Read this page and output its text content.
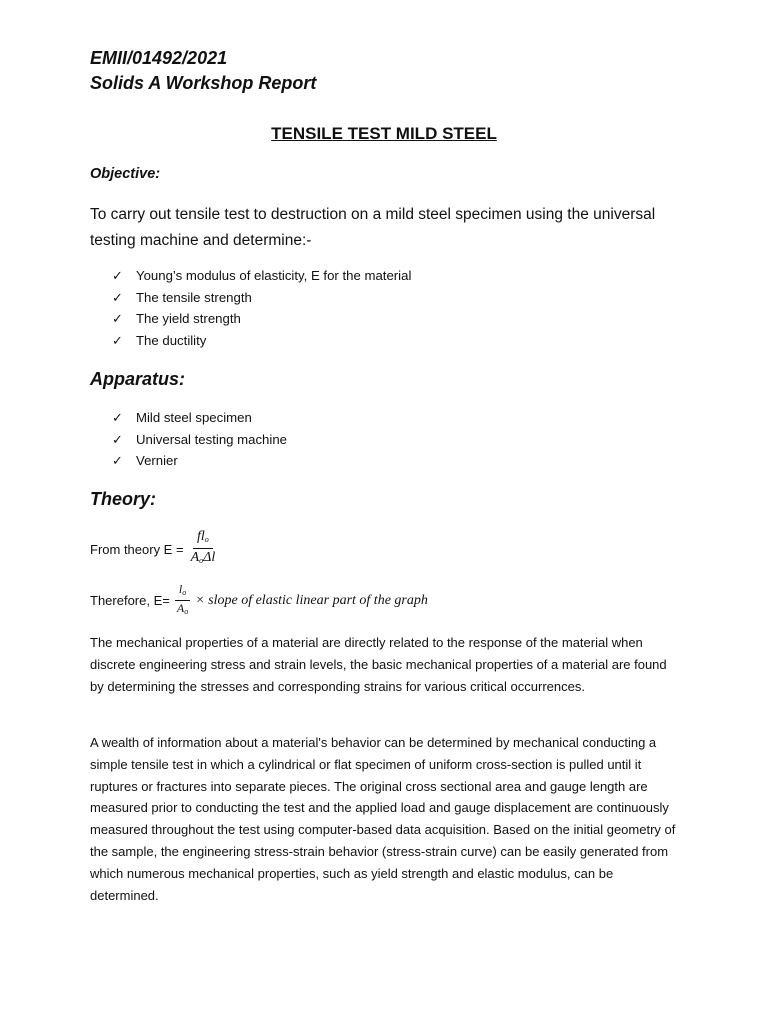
EMII/01492/2021
Solids A Workshop Report
TENSILE TEST MILD STEEL
Objective:

To carry out tensile test to destruction on a mild steel specimen using the universal testing machine and determine:-

✓ Young’s modulus of elasticity, E for the material
✓ The tensile strength
✓ The yield strength
✓ The ductility
Apparatus:
✓ Mild steel specimen
✓ Universal testing machine
✓ Vernier
Theory:
From theory $E = \frac{fl_o}{A_o\Delta l}$
Therefore, $E= \frac{l_o}{A_o}$ × slope of elastic linear part of the graph

The mechanical properties of a material are directly related to the response of the material when discrete engineering stress and strain levels, the basic mechanical properties of a material are found by determining the stresses and corresponding strains for various critical occurrences.

A wealth of information about a material's behavior can be determined by mechanical conducting a simple tensile test in which a cylindrical or flat specimen of uniform cross-section is pulled until it ruptures or fractures into separate pieces. The original cross sectional area and gauge length are measured prior to conducting the test and the applied load and gauge displacement are continuously measured throughout the test using computer-based data acquisition. Based on the initial geometry of the sample, the engineering stress-strain behavior (stress-strain curve) can be easily generated from which numerous mechanical properties, such as yield strength and elastic modulus, can be determined.
